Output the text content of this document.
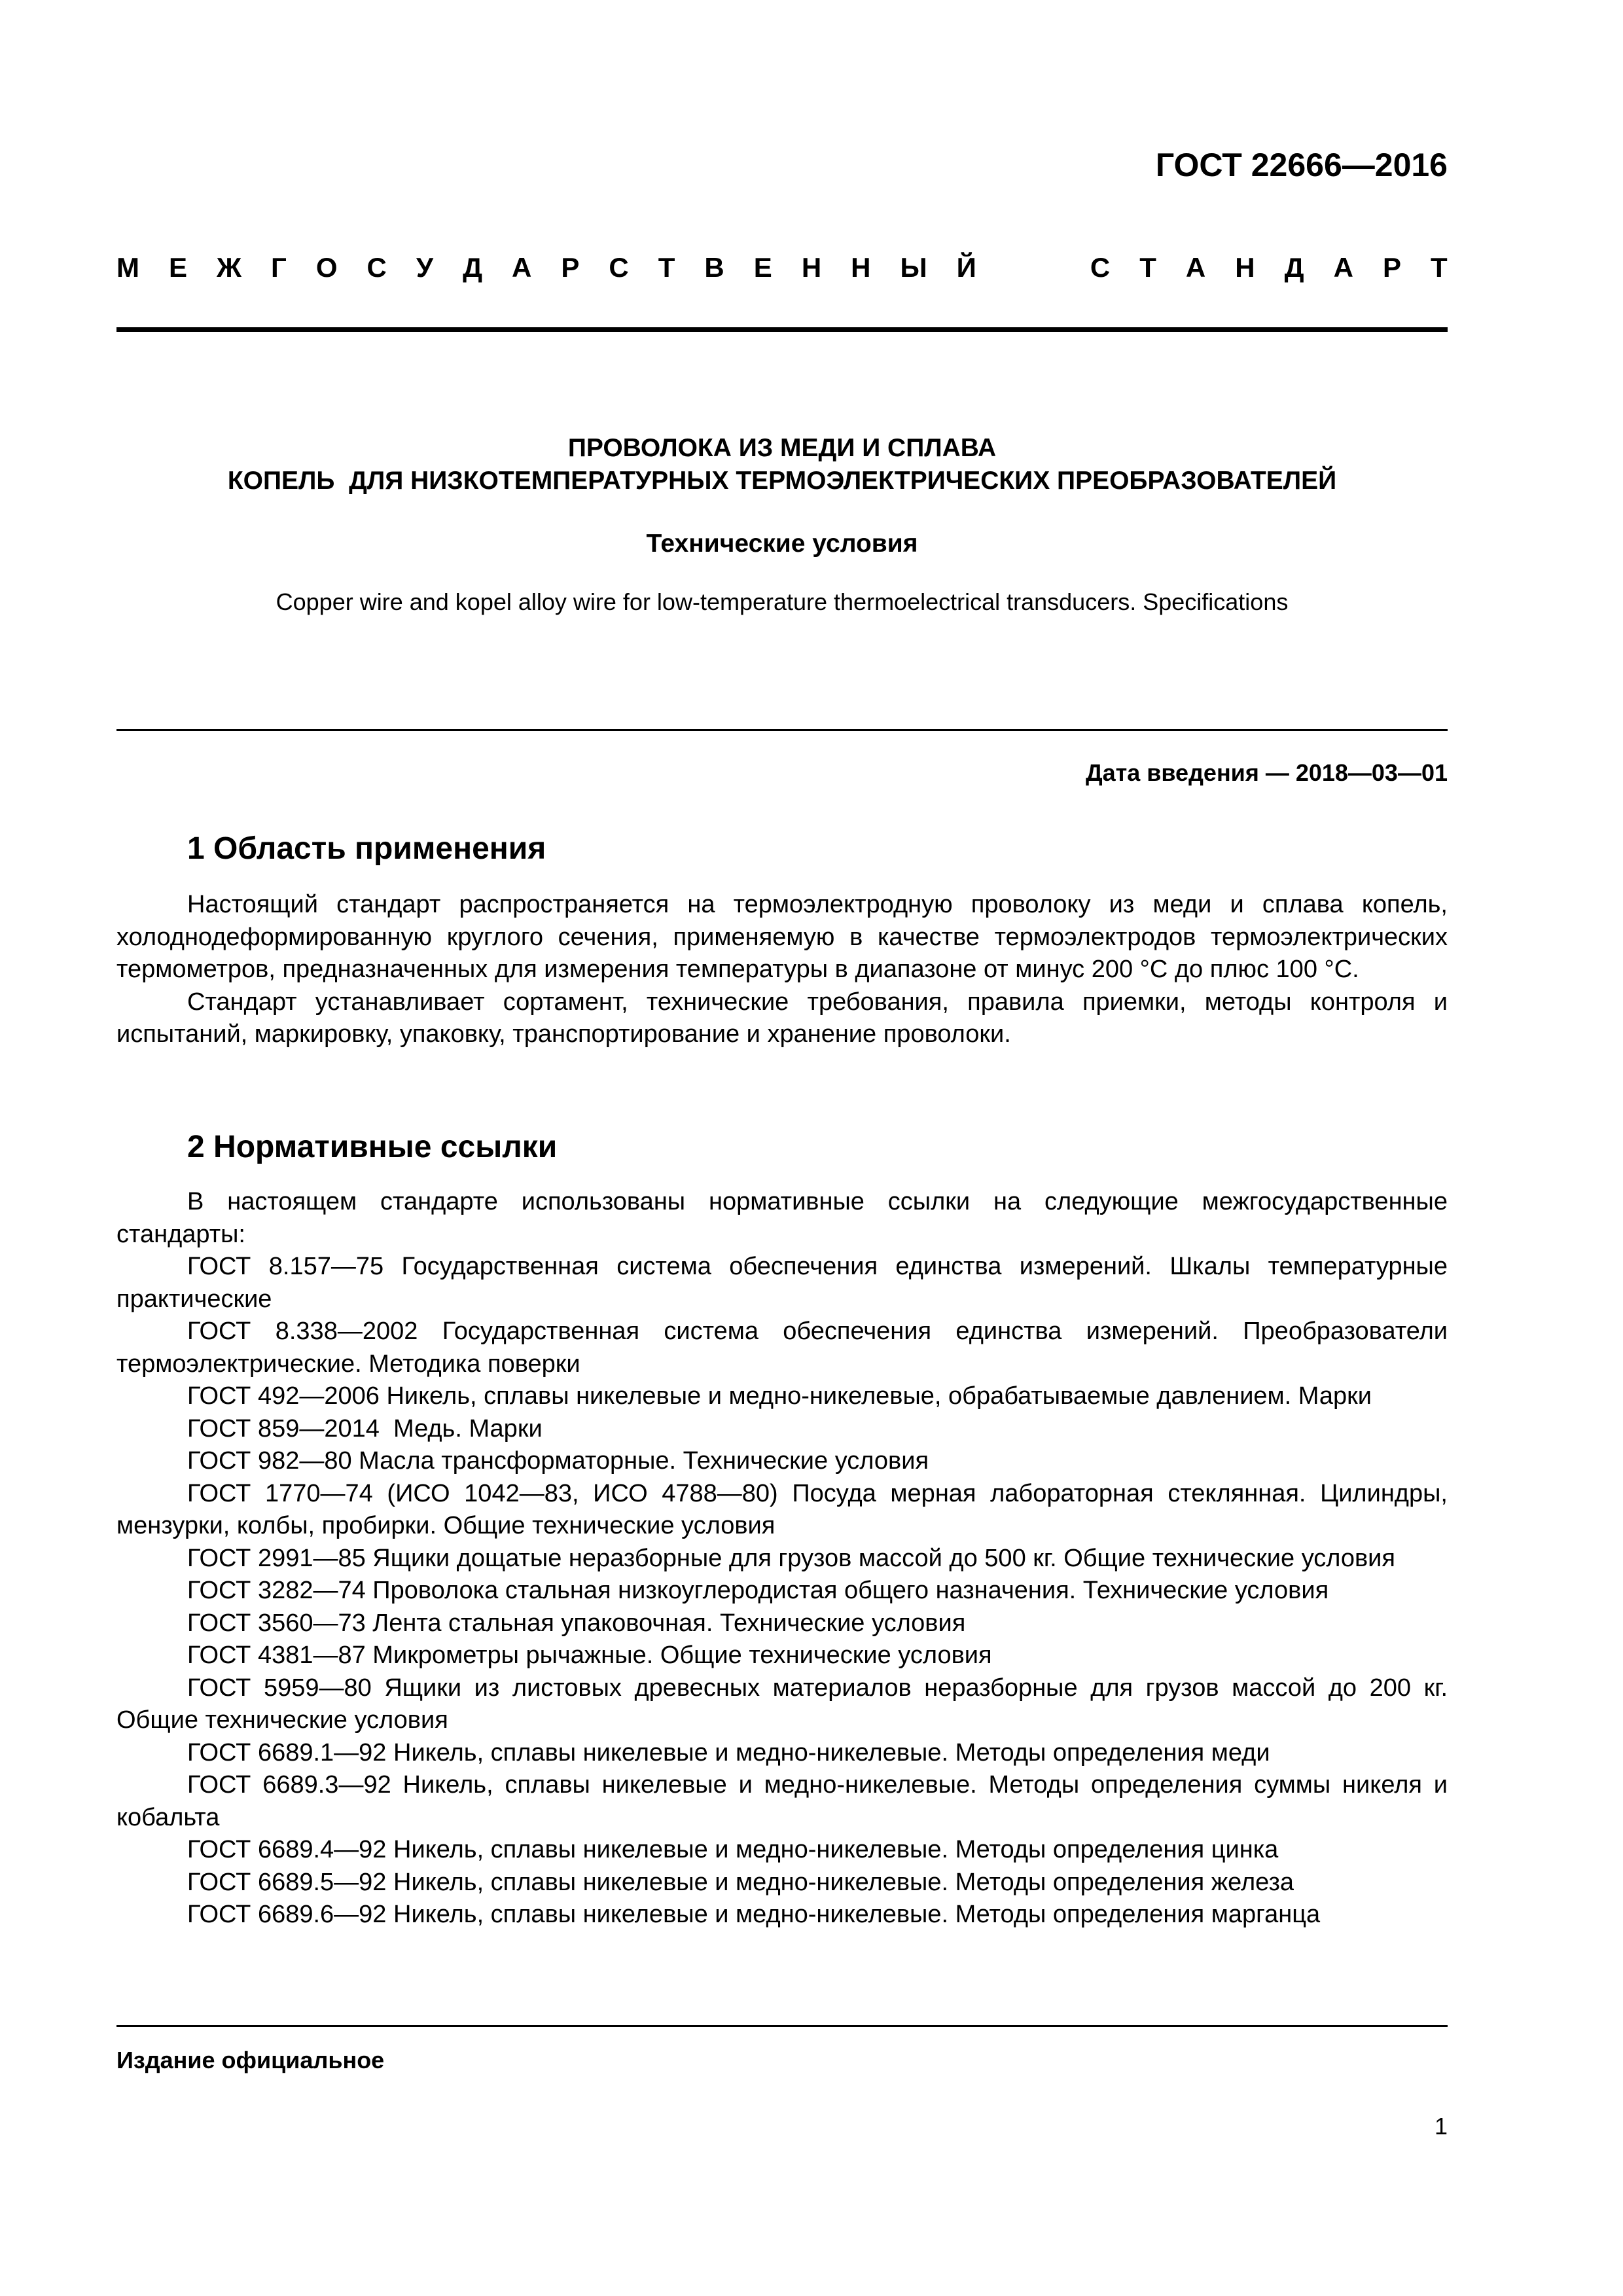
ГОСТ 22666—2016
М Е Ж Г О С У Д А Р С Т В Е Н Н Ы Й	С Т А Н Д А Р Т
ПРОВОЛОКА ИЗ МЕДИ И СПЛАВА
КОПЕЛЬ  ДЛЯ НИЗКОТЕМПЕРАТУРНЫХ ТЕРМОЭЛЕКТРИЧЕСКИХ ПРЕОБРАЗОВАТЕЛЕЙ
Технические условия
Copper wire and kopel alloy wire for low-temperature thermoelectrical transducers. Specifications
Дата введения — 2018—03—01
1 Область применения

Настоящий стандарт распространяется на термоэлектродную проволоку из меди и сплава копель, холоднодеформированную круглого сечения, применяемую в качестве термоэлектродов термоэлектрических термометров, предназначенных для измерения температуры в диапазоне от минус 200 °С до плюс 100 °С.

Стандарт устанавливает сортамент, технические требования, правила приемки, методы контроля и испытаний, маркировку, упаковку, транспортирование и хранение проволоки.

2 Нормативные ссылки

В настоящем стандарте использованы нормативные ссылки на следующие межгосударственные стандарты:

ГОСТ 8.157—75 Государственная система обеспечения единства измерений. Шкалы температурные практические

ГОСТ 8.338—2002 Государственная система обеспечения единства измерений. Преобразователи термоэлектрические. Методика поверки

ГОСТ 492—2006 Никель, сплавы никелевые и медно-никелевые, обрабатываемые давлением. Марки

ГОСТ 859—2014  Медь. Марки

ГОСТ 982—80 Масла трансформаторные. Технические условия

ГОСТ 1770—74 (ИСО 1042—83, ИСО 4788—80) Посуда мерная лабораторная стеклянная. Цилиндры, мензурки, колбы, пробирки. Общие технические условия

ГОСТ 2991—85 Ящики дощатые неразборные для грузов массой до 500 кг. Общие технические условия

ГОСТ 3282—74 Проволока стальная низкоуглеродистая общего назначения. Технические условия

ГОСТ 3560—73 Лента стальная упаковочная. Технические условия

ГОСТ 4381—87 Микрометры рычажные. Общие технические условия

ГОСТ 5959—80 Ящики из листовых древесных материалов неразборные для грузов массой до 200 кг. Общие технические условия

ГОСТ 6689.1—92 Никель, сплавы никелевые и медно-никелевые. Методы определения меди

ГОСТ 6689.3—92 Никель, сплавы никелевые и медно-никелевые. Методы определения суммы никеля и кобальта

ГОСТ 6689.4—92 Никель, сплавы никелевые и медно-никелевые. Методы определения цинка

ГОСТ 6689.5—92 Никель, сплавы никелевые и медно-никелевые. Методы определения железа

ГОСТ 6689.6—92 Никель, сплавы никелевые и медно-никелевые. Методы определения марганца

Издание официальное
1
